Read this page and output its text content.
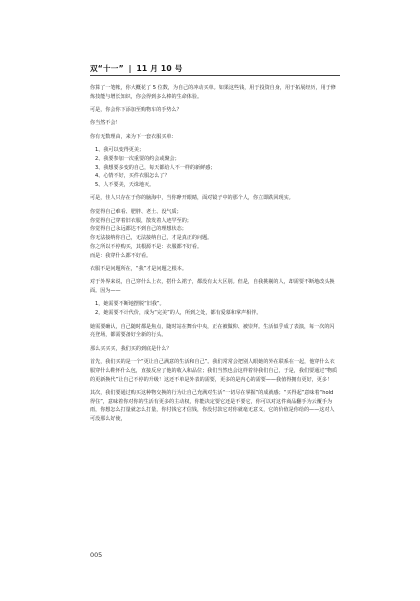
双“十一” | 11 月 10 号

你算了一笔帐，你大概花了 5 位数，为自己的冲动买单。如果这些钱，用于投资自身，用于拓展经历，用于修炼技能与增长知识，你会得到多么棒的生命体验。

可是，你会你下添加至购物车的手势么？

你当然不会！

你有无数理由，来为下一套衣服买单：

1、我可以变得更美；
2、我要参加一次重要的约会或聚会；
3、我想要多变的自己，每天都给人不一样的新鲜感；
4、心情不好，买件衣服怎么了？
5、人不要美，天诛地灭。

可是，佳人只存在于你的脑海中，当你睁开眼睛，面对镜子中的那个人，你立即跌回现实。

你觉得自己难看、肥胖、老土、没气质；
你觉得自己穿着旧衣服，散发着人迹罕至的；
你觉得自己永远都达不到自己的理想状态；
你无法接纳你自己，无法接纳自己，才是真正的问题。
你之所以不停购买，其根源不是：衣服都不好看。
而是：我穿什么都不好看。

衣服不是问题所在，“我”才是问题之根本。

对于外界来说，自己穿什么上衣，搭什么裙子，都没有太大区别。但是，自我挑剔的人，却需要不断地改头换面。因为——

1，她需要不断地摆脱“旧我”。
2，她需要不计代价，成为“完美”的人，所到之处，都有爱慕和掌声相伴。

她需要确认，自己随时都是焦点，随时站在舞台中央，正在被做仰、被崇拜。生活似乎成了表演，每一次的闪亮登场，都需要备好全新的行头。

那么买买买，我们买的到底是什么？

首先，我们买的是一个“更让自己满意的生活和自己”。我们常常会把别人眼她的外在联系在一起，他穿什么衣服穿什么鞋怀什么包，直接反应了他的收入和品位；我们当然也会这样着待我们自己，于是，我们要通过“物质的更新换代”让自己不停的升级！这还不单是外表的需要，更多的是内心的需要——我值得拥有更好，更多！

其次，我们要通过购买这种物交换的行为让自己充满对生活“一切尽在掌握”的成就感；“买得起”意味着“hold 得住”，意味着你对你的生活有更多的主动权，你能决定要它还是不要它，你可以对这件商品翻手为云覆手为雨，你想怎么打量就怎么打量，你付钱它才信钱，你没付款它对你就毫无意义，它的价值是你给的——这对人可没那么好使，

005
